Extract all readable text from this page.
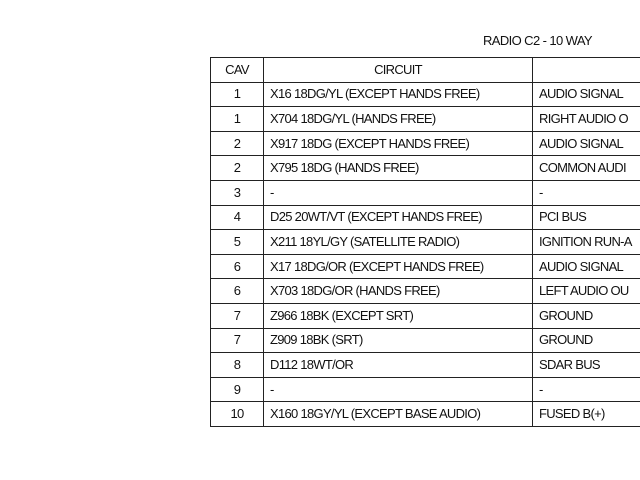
RADIO C2 - 10 WAY
CAV	CIRCUIT	
1	X16 18DG/YL (EXCEPT HANDS FREE)	AUDIO SIGNAL
1	X704 18DG/YL (HANDS FREE)	RIGHT AUDIO O
2	X917 18DG (EXCEPT HANDS FREE)	AUDIO SIGNAL
2	X795 18DG (HANDS FREE)	COMMON AUDI
3	-	-
4	D25 20WT/VT (EXCEPT HANDS FREE)	PCI BUS
5	X211 18YL/GY (SATELLITE RADIO)	IGNITION RUN-A
6	X17 18DG/OR (EXCEPT HANDS FREE)	AUDIO SIGNAL
6	X703 18DG/OR (HANDS FREE)	LEFT AUDIO OU
7	Z966 18BK (EXCEPT SRT)	GROUND
7	Z909 18BK (SRT)	GROUND
8	D112 18WT/OR	SDAR BUS
9	-	-
10	X160 18GY/YL (EXCEPT BASE AUDIO)	FUSED B(+)
